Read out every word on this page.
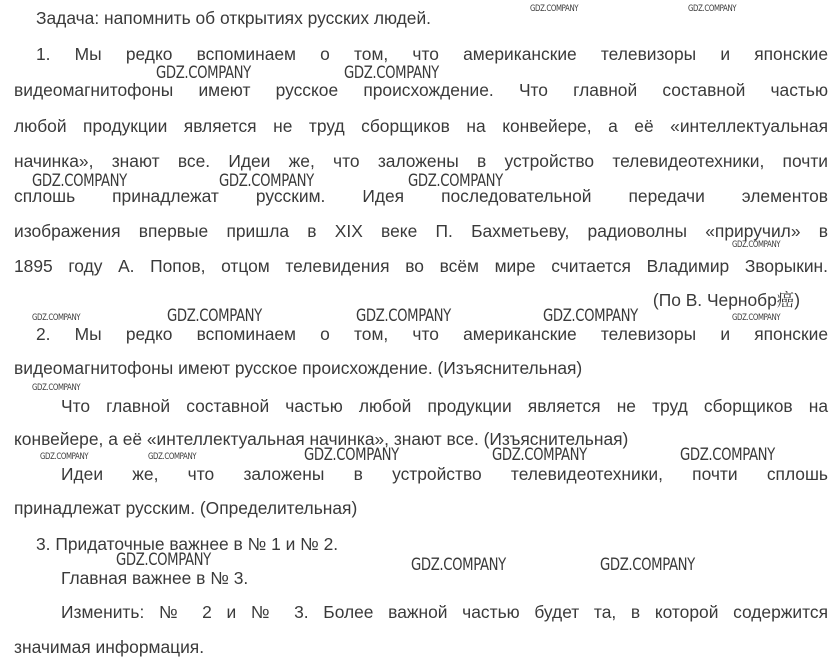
Задача: напомнить об открытиях русских людей.
1. Мы редко вспоминаем о том, что американские телевизоры и японские
видеомагнитофоны имеют русское происхождение. Что главной составной частью
любой продукции является не труд сборщиков на конвейере, а её «интеллектуальная
начинка», знают все. Идеи же, что заложены в устройство телевидеотехники, почти
сплошь принадлежат русским. Идея последовательной передачи элементов
изображения впервые пришла в XIX веке П. Бахметьеву, радиоволны «приручил» в
1895 году А. Попов, отцом телевидения во всём мире считается Владимир Зворыкин.
(По В. Чернобр癌)
2. Мы редко вспоминаем о том, что американские телевизоры и японские
видеомагнитофоны имеют русское происхождение. (Изъяснительная)
Что главной составной частью любой продукции является не труд сборщиков на
конвейере, а её «интеллектуальная начинка», знают все. (Изъяснительная)
Идеи же, что заложены в устройство телевидеотехники, почти сплошь
принадлежат русским. (Определительная)
3. Придаточные важнее в № 1 и № 2.
Главная важнее в № 3.
Изменить: № 2 и № 3. Более важной частью будет та, в которой содержится
значимая информация.
GDZ.COMPANY	GDZ.COMPANY
GDZ.COMPANY	GDZ.COMPANY
GDZ.COMPANY	GDZ.COMPANY	GDZ.COMPANY
GDZ.COMPANY
GDZ.COMPANY	GDZ.COMPANY	GDZ.COMPANY	GDZ.COMPANY	GDZ.COMPANY
GDZ.COMPANY
GDZ.COMPANY	GDZ.COMPANY	GDZ.COMPANY	GDZ.COMPANY	GDZ.COMPANY
GDZ.COMPANY	GDZ.COMPANY	GDZ.COMPANY
